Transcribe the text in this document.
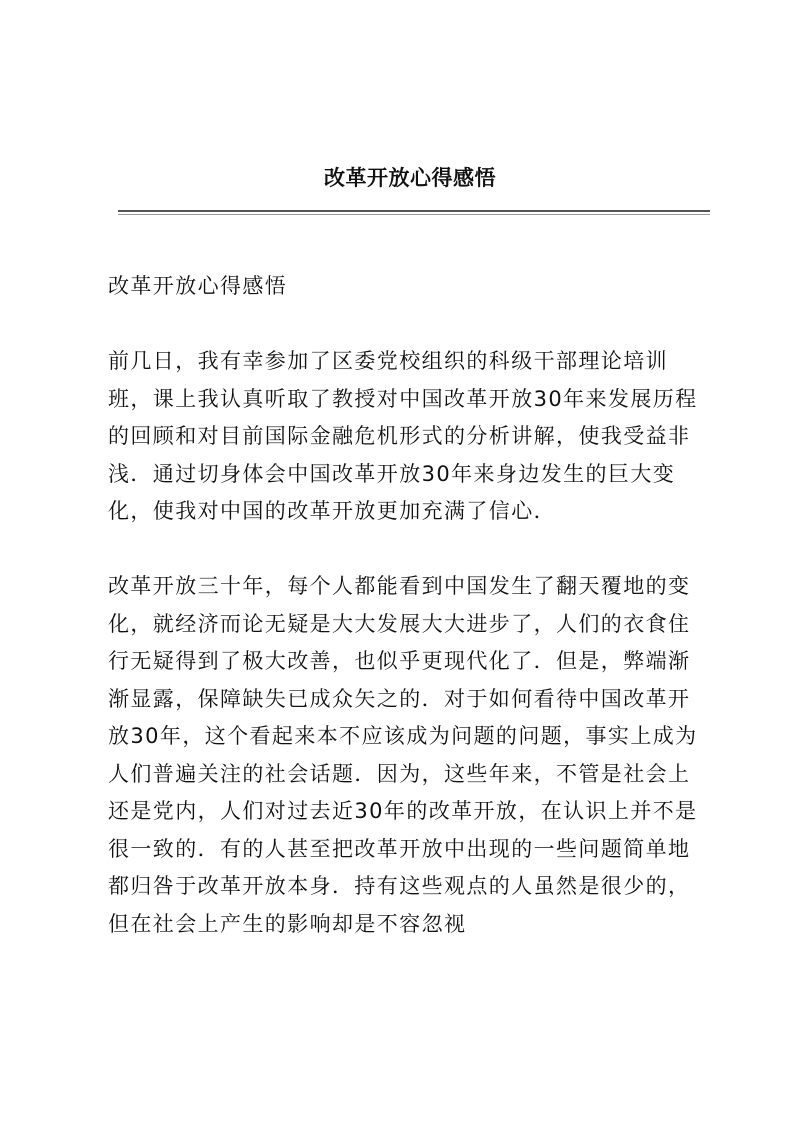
改革开放心得感悟

改革开放心得感悟

前几日，我有幸参加了区委党校组织的科级干部理论培训班，课上我认真听取了教授对中国改革开放30年来发展历程的回顾和对目前国际金融危机形式的分析讲解，使我受益非浅．通过切身体会中国改革开放30年来身边发生的巨大变化，使我对中国的改革开放更加充满了信心．

改革开放三十年，每个人都能看到中国发生了翻天覆地的变化，就经济而论无疑是大大发展大大进步了，人们的衣食住行无疑得到了极大改善，也似乎更现代化了．但是，弊端渐渐显露，保障缺失已成众矢之的．对于如何看待中国改革开放30年，这个看起来本不应该成为问题的问题，事实上成为人们普遍关注的社会话题．因为，这些年来，不管是社会上还是党内，人们对过去近30年的改革开放，在认识上并不是很一致的．有的人甚至把改革开放中出现的一些问题简单地都归咎于改革开放本身．持有这些观点的人虽然是很少的，但在社会上产生的影响却是不容忽视
